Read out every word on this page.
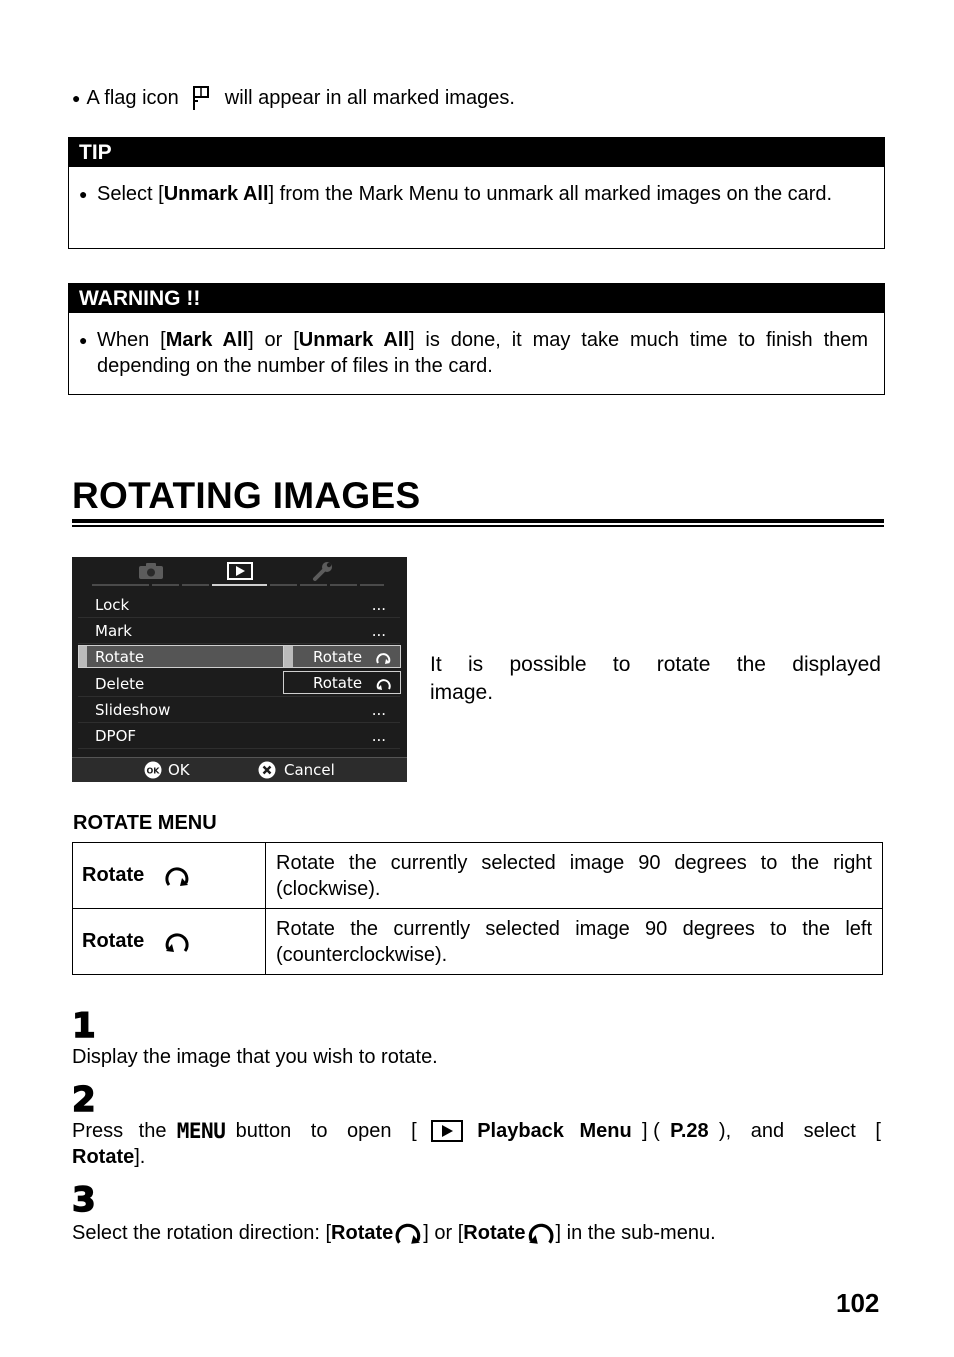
● A flag icon will appear in all marked images.
TIP
● Select [Unmark All] from the Mark Menu to unmark all marked images on the card.
WARNING !!
● When [Mark All] or [Unmark All] is done, it may take much time to finish them depending on the number of files in the card.
ROTATING IMAGES
Lock	...
Mark	...
Rotate
Delete
Slideshow	...
DPOF	...
Rotate
Rotate
OK OK	Cancel
It is possible to rotate the displayed
image.
ROTATE MENU
Rotate	Rotate the currently selected image 90 degrees to the right (clockwise).
Rotate	Rotate the currently selected image 90 degrees to the left (counterclockwise).
1
Display the image that you wish to rotate.
2
Press the MENU button to open [	Playback Menu ] ( P.28 ), and select [
Rotate].
3
Select the rotation direction: [ Rotate ] or [ Rotate ] in the sub-menu.
102
